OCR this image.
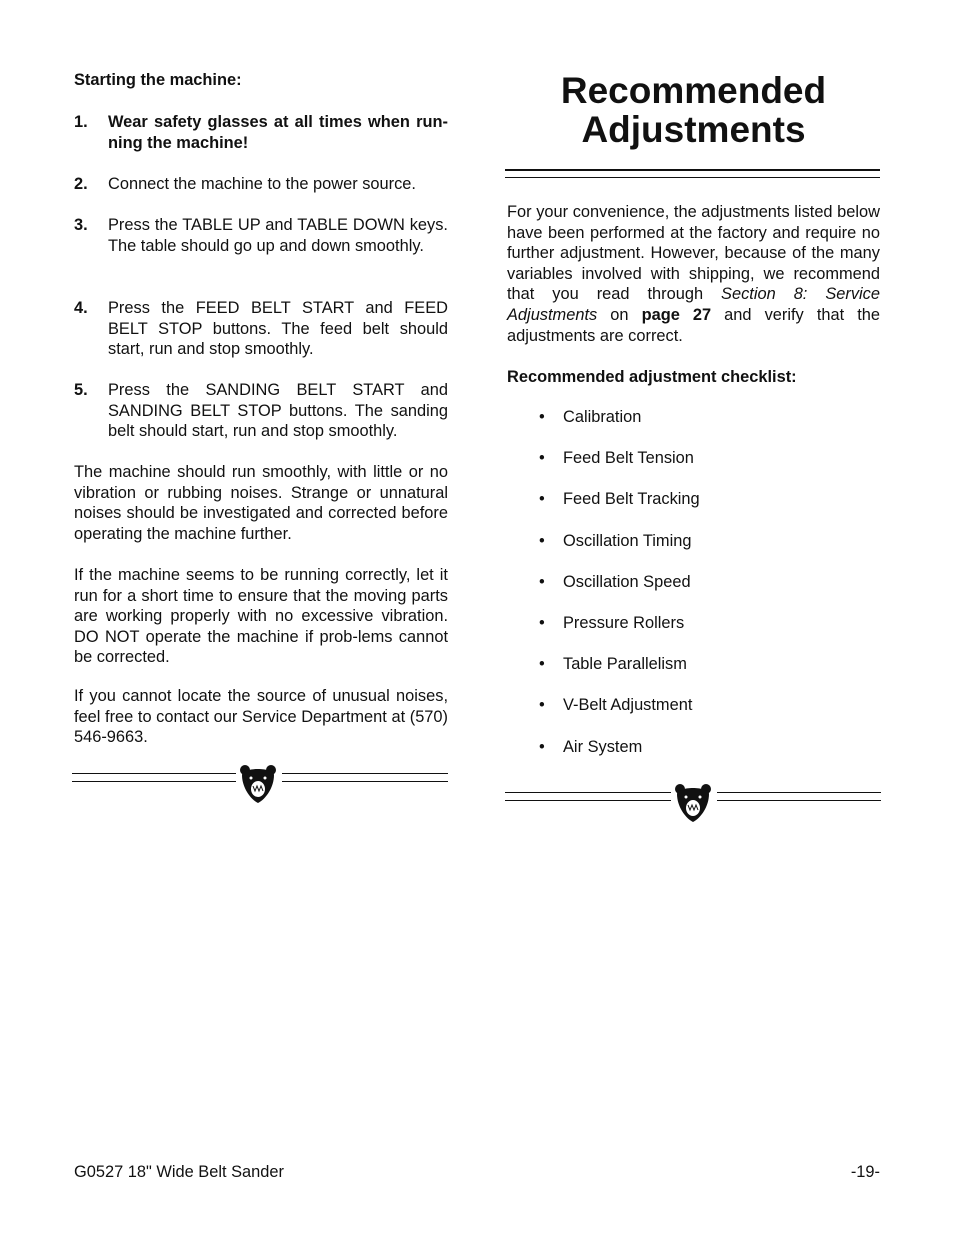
Starting the machine:

1. Wear safety glasses at all times when run-ning the machine!
2. Connect the machine to the power source.
3. Press the TABLE UP and TABLE DOWN keys. The table should go up and down smoothly.
4. Press the FEED BELT START and FEED BELT STOP buttons. The feed belt should start, run and stop smoothly.
5. Press the SANDING BELT START and SANDING BELT STOP buttons. The sanding belt should start, run and stop smoothly.

The machine should run smoothly, with little or no vibration or rubbing noises. Strange or unnatural noises should be investigated and corrected before operating the machine further.

If the machine seems to be running correctly, let it run for a short time to ensure that the moving parts are working properly with no excessive vibration. DO NOT operate the machine if prob-lems cannot be corrected.

If you cannot locate the source of unusual noises, feel free to contact our Service Department at (570) 546-9663.

Recommended
Adjustments

For your convenience, the adjustments listed below have been performed at the factory and require no further adjustment. However, because of the many variables involved with shipping, we recommend that you read through Section 8: Service Adjustments on page 27 and verify that the adjustments are correct.

Recommended adjustment checklist:

• Calibration
• Feed Belt Tension
• Feed Belt Tracking
• Oscillation Timing
• Oscillation Speed
• Pressure Rollers
• Table Parallelism
• V-Belt Adjustment
• Air System
G0527 18" Wide Belt Sander	-19-
